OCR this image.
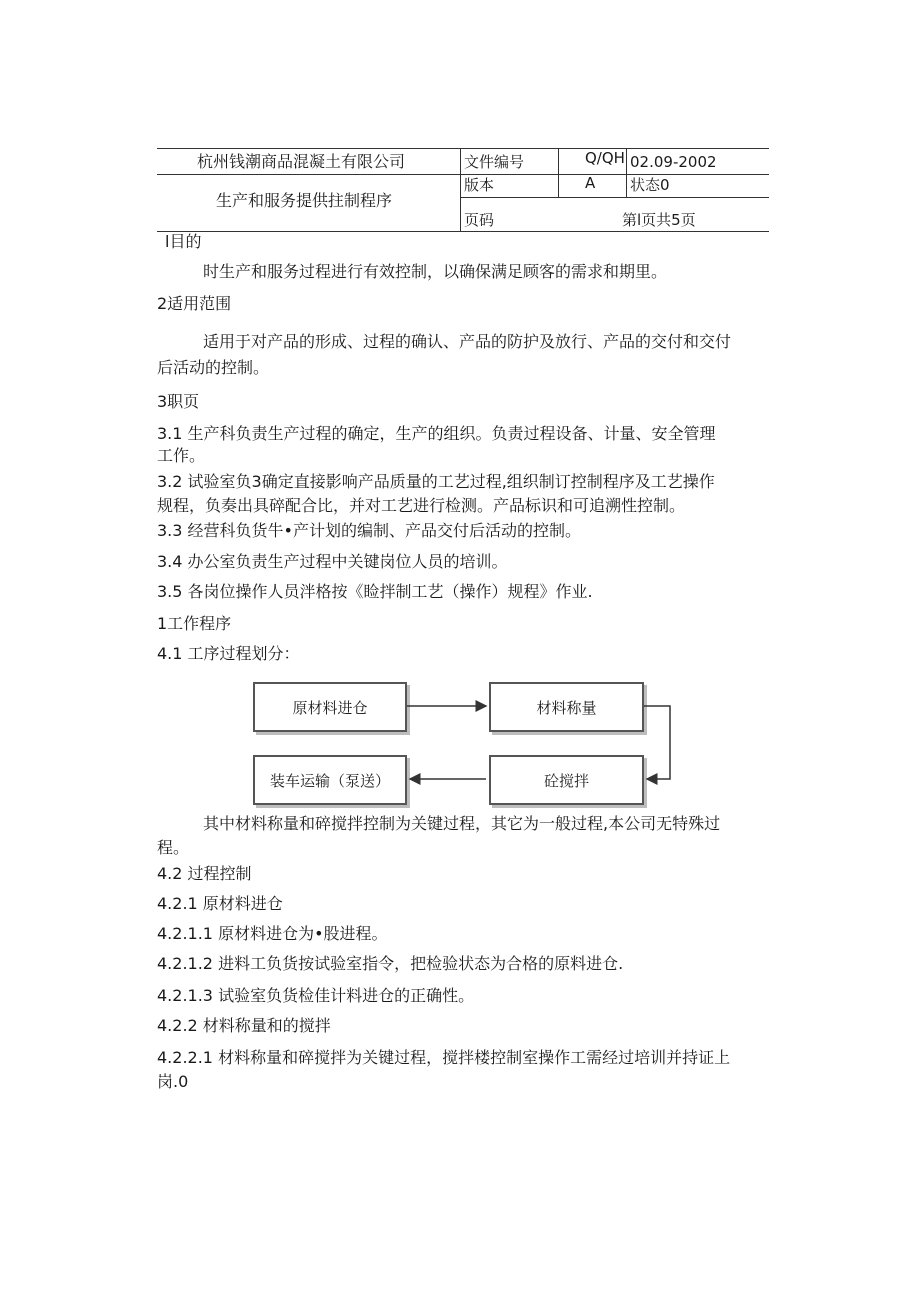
杭州钱潮商品混凝土有限公司	文件编号	Q/QH 02.09-2002
生产和服务提供拄制程序
版本	A 状态0
页码	第l页共5页
l目的
时生产和服务过程进行有效控制，以确保满足顾客的需求和期里。
2适用范围
适用于对产品的形成、过程的确认、产品的防护及放行、产品的交付和交付
后活动的控制。
3职页
3.1 生产科负责生产过程的确定，生产的组织。负责过程设备、计量、安全管理
工作。
3.2 试验室负3确定直接影响产品质量的工艺过程,组织制订控制程序及工艺操作
规程，负奏出具碎配合比，并对工艺进行检测。产品标识和可追溯性控制。
3.3 经营科负货牛•产计划的编制、产品交付后活动的控制。
3.4 办公室负责生产过程中关键岗位人员的培训。
3.5 各岗位操作人员泮格按《睑拌制工艺（操作）规程》作业.
1工作程序
4.1 工序过程划分：
原材料进仓	材料称量
砼搅拌
装车运输（泵送）
其中材料称量和碎搅拌控制为关键过程，其它为一般过程,本公司无特殊过
程。
4.2 过程控制
4.2.1 原材料进仓
4.2.1.1 原材料进仓为•股进程。
4.2.1.2 进料工负货按试验室指令，把检验状态为合格的原料进仓.
4.2.1.3 试验室负货检佳计料进仓的正确性。
4.2.2 材料称量和的搅拌
4.2.2.1 材料称量和碎搅拌为关键过程，搅拌楼控制室操作工需经过培训并持证上
岗.0
